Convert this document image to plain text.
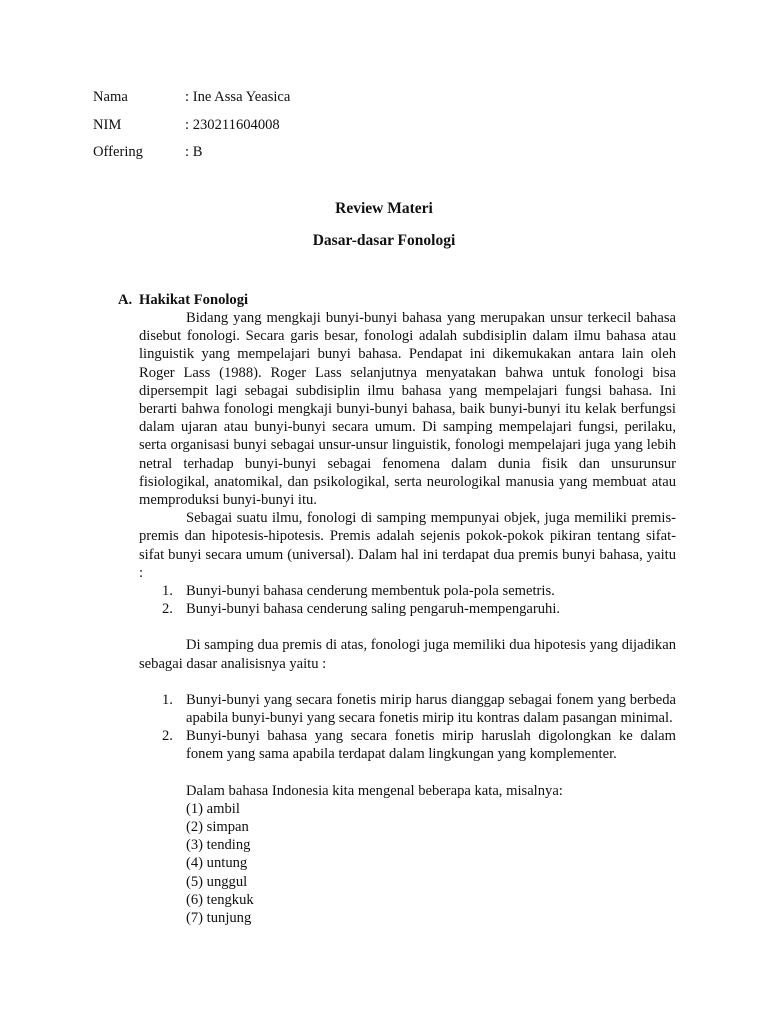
Nama	: Ine Assa Yeasica
NIM	: 230211604008
Offering	: B
Review Materi
Dasar-dasar Fonologi
A. Hakikat Fonologi

Bidang yang mengkaji bunyi-bunyi bahasa yang merupakan unsur terkecil bahasa disebut fonologi. Secara garis besar, fonologi adalah subdisiplin dalam ilmu bahasa atau linguistik yang mempelajari bunyi bahasa. Pendapat ini dikemukakan antara lain oleh Roger Lass (1988). Roger Lass selanjutnya menyatakan bahwa untuk fonologi bisa dipersempit lagi sebagai subdisiplin ilmu bahasa yang mempelajari fungsi bahasa. Ini berarti bahwa fonologi mengkaji bunyi-bunyi bahasa, baik bunyi-bunyi itu kelak berfungsi dalam ujaran atau bunyi-bunyi secara umum. Di samping mempelajari fungsi, perilaku, serta organisasi bunyi sebagai unsur-unsur linguistik, fonologi mempelajari juga yang lebih netral terhadap bunyi-bunyi sebagai fenomena dalam dunia fisik dan unsurunsur fisiologikal, anatomikal, dan psikologikal, serta neurologikal manusia yang membuat atau memproduksi bunyi-bunyi itu.

Sebagai suatu ilmu, fonologi di samping mempunyai objek, juga memiliki premis-premis dan hipotesis-hipotesis. Premis adalah sejenis pokok-pokok pikiran tentang sifat-sifat bunyi secara umum (universal). Dalam hal ini terdapat dua premis bunyi bahasa, yaitu :

1. Bunyi-bunyi bahasa cenderung membentuk pola-pola semetris.
2. Bunyi-bunyi bahasa cenderung saling pengaruh-mempengaruhi.

Di samping dua premis di atas, fonologi juga memiliki dua hipotesis yang dijadikan sebagai dasar analisisnya yaitu :

1. Bunyi-bunyi yang secara fonetis mirip harus dianggap sebagai fonem yang berbeda apabila bunyi-bunyi yang secara fonetis mirip itu kontras dalam pasangan minimal.
2. Bunyi-bunyi bahasa yang secara fonetis mirip haruslah digolongkan ke dalam fonem yang sama apabila terdapat dalam lingkungan yang komplementer.

Dalam bahasa Indonesia kita mengenal beberapa kata, misalnya:

(1) ambil
(2) simpan
(3) tending
(4) untung
(5) unggul
(6) tengkuk
(7) tunjung
